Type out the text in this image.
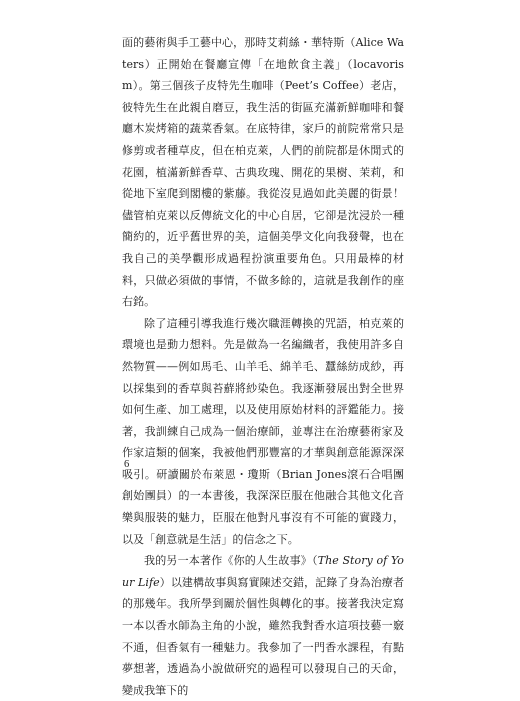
面的藝術與手工藝中心，那時艾莉絲・華特斯（Alice Waters）正開始在餐廳宣傳「在地飲食主義」（locavorism）。第三個孩子皮特先生咖啡（Peet’s Coffee）老店，彼特先生在此親自磨豆，我生活的街區充滿新鮮咖啡和餐廳木炭烤箱的蔬菜香氣。在底特律，家戶的前院常常只是修剪或者種草皮，但在柏克萊，人們的前院都是休閒式的花園，植滿新鮮香草、古典玫瑰、開花的果樹、茉莉，和從地下室爬到閣樓的紫藤。我從沒見過如此美麗的街景！儘管柏克萊以反傳統文化的中心自居，它卻是沈浸於一種簡約的，近乎舊世界的美，這個美學文化向我發聲，也在我自己的美學觀形成過程扮演重要角色。只用最棒的材料，只做必須做的事情，不做多餘的，這就是我創作的座右銘。

除了這種引導我進行幾次職涯轉換的咒語，柏克萊的環境也是動力想料。先是做為一名編織者，我使用許多自然物質——例如馬毛、山羊毛、綿羊毛、蠶絲紡成紗，再以採集到的香草與苔蘚將紗染色。我逐漸發展出對全世界如何生產、加工處理，以及使用原始材料的評鑑能力。接著，我訓練自己成為一個治療師，並專注在治療藝術家及作家這類的個案，我被他們那豐富的才華與創意能源深深吸引。研讀關於布萊恩・瓊斯（Brian Jones滾石合唱團創始團員）的一本書後，我深深臣服在他融合其他文化音樂與服裝的魅力，臣服在他對凡事沒有不可能的實踐力，以及「創意就是生活」的信念之下。

我的另一本著作《你的人生故事》（The Story of Your Life）以建構故事與寫實陳述交錯，記錄了身為治療者的那幾年。我所學到關於個性與轉化的事。接著我決定寫一本以香水師為主角的小說，雖然我對香水這項技藝一竅不通，但香氣有一種魅力。我參加了一門香水課程，有點夢想著，透過為小說做研究的過程可以發現自己的天命，變成我筆下的

6
